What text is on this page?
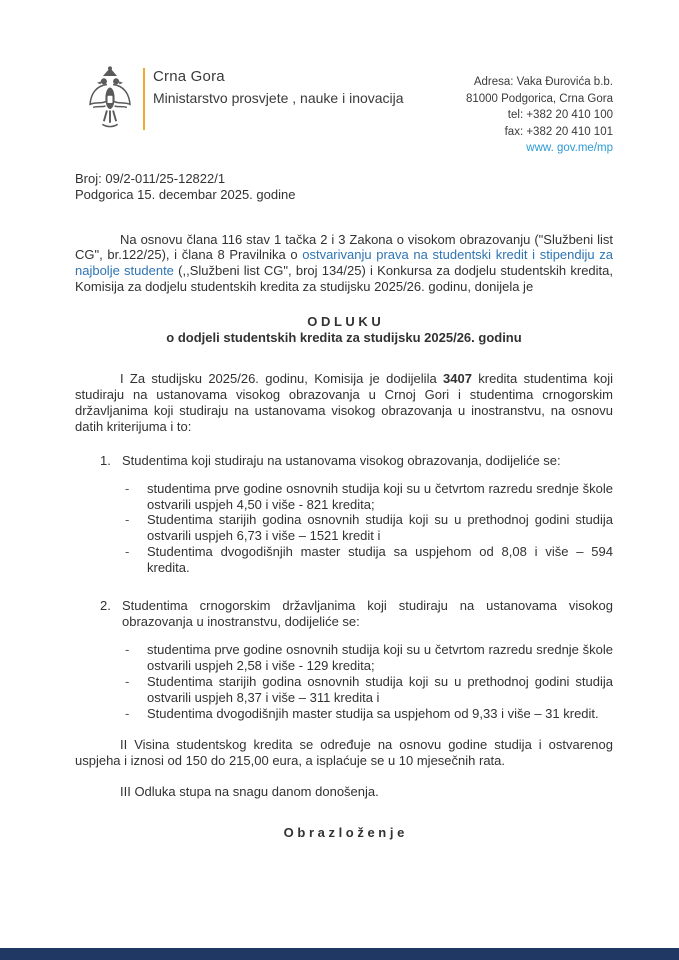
Crna Gora
Ministarstvo prosvjete , nauke i inovacija
Adresa: Vaka Đurovića b.b.
81000 Podgorica, Crna Gora
tel: +382 20 410 100
fax: +382 20 410 101
www. gov.me/mp
Broj: 09/2-011/25-12822/1
Podgorica 15. decembar 2025. godine

Na osnovu člana 116 stav 1 tačka 2 i 3 Zakona o visokom obrazovanju ("Službeni list CG", br.122/25), i člana 8 Pravilnika o ostvarivanju prava na studentski kredit i stipendiju za najbolje studente (,,Službeni list CG", broj 134/25) i Konkursa za dodjelu studentskih kredita, Komisija za dodjelu studentskih kredita za studijsku 2025/26. godinu, donijela je

O D L U K U
o dodjeli studentskih kredita za studijsku 2025/26. godinu

I Za studijsku 2025/26. godinu, Komisija je dodijelila 3407 kredita studentima koji studiraju na ustanovama visokog obrazovanja u Crnoj Gori i studentima crnogorskim državljanima koji studiraju na ustanovama visokog obrazovanja u inostranstvu, na osnovu datih kriterijuma i to:

1. Studentima koji studiraju na ustanovama visokog obrazovanja, dodijeliće se:
-	studentima prve godine osnovnih studija koji su u četvrtom razredu srednje škole ostvarili uspjeh 4,50 i više - 821 kredita;
-	Studentima starijih godina osnovnih studija koji su u prethodnoj godini studija ostvarili uspjeh 6,73 i više – 1521 kredit i
-	Studentima dvogodišnjih master studija sa uspjehom od 8,08 i više – 594 kredita.
2. Studentima crnogorskim državljanima koji studiraju na ustanovama visokog obrazovanja u inostranstvu, dodijeliće se:
-	studentima prve godine osnovnih studija koji su u četvrtom razredu srednje škole ostvarili uspjeh 2,58 i više - 129 kredita;
-	Studentima starijih godina osnovnih studija koji su u prethodnoj godini studija ostvarili uspjeh 8,37 i više – 311 kredita i
-	Studentima dvogodišnjih master studija sa uspjehom od 9,33 i više – 31 kredit.

II Visina studentskog kredita se određuje na osnovu godine studija i ostvarenog uspjeha i iznosi od 150 do 215,00 eura, a isplaćuje se u 10 mjesečnih rata.

III Odluka stupa na snagu danom donošenja.

O b r a z l o ž e n j e
